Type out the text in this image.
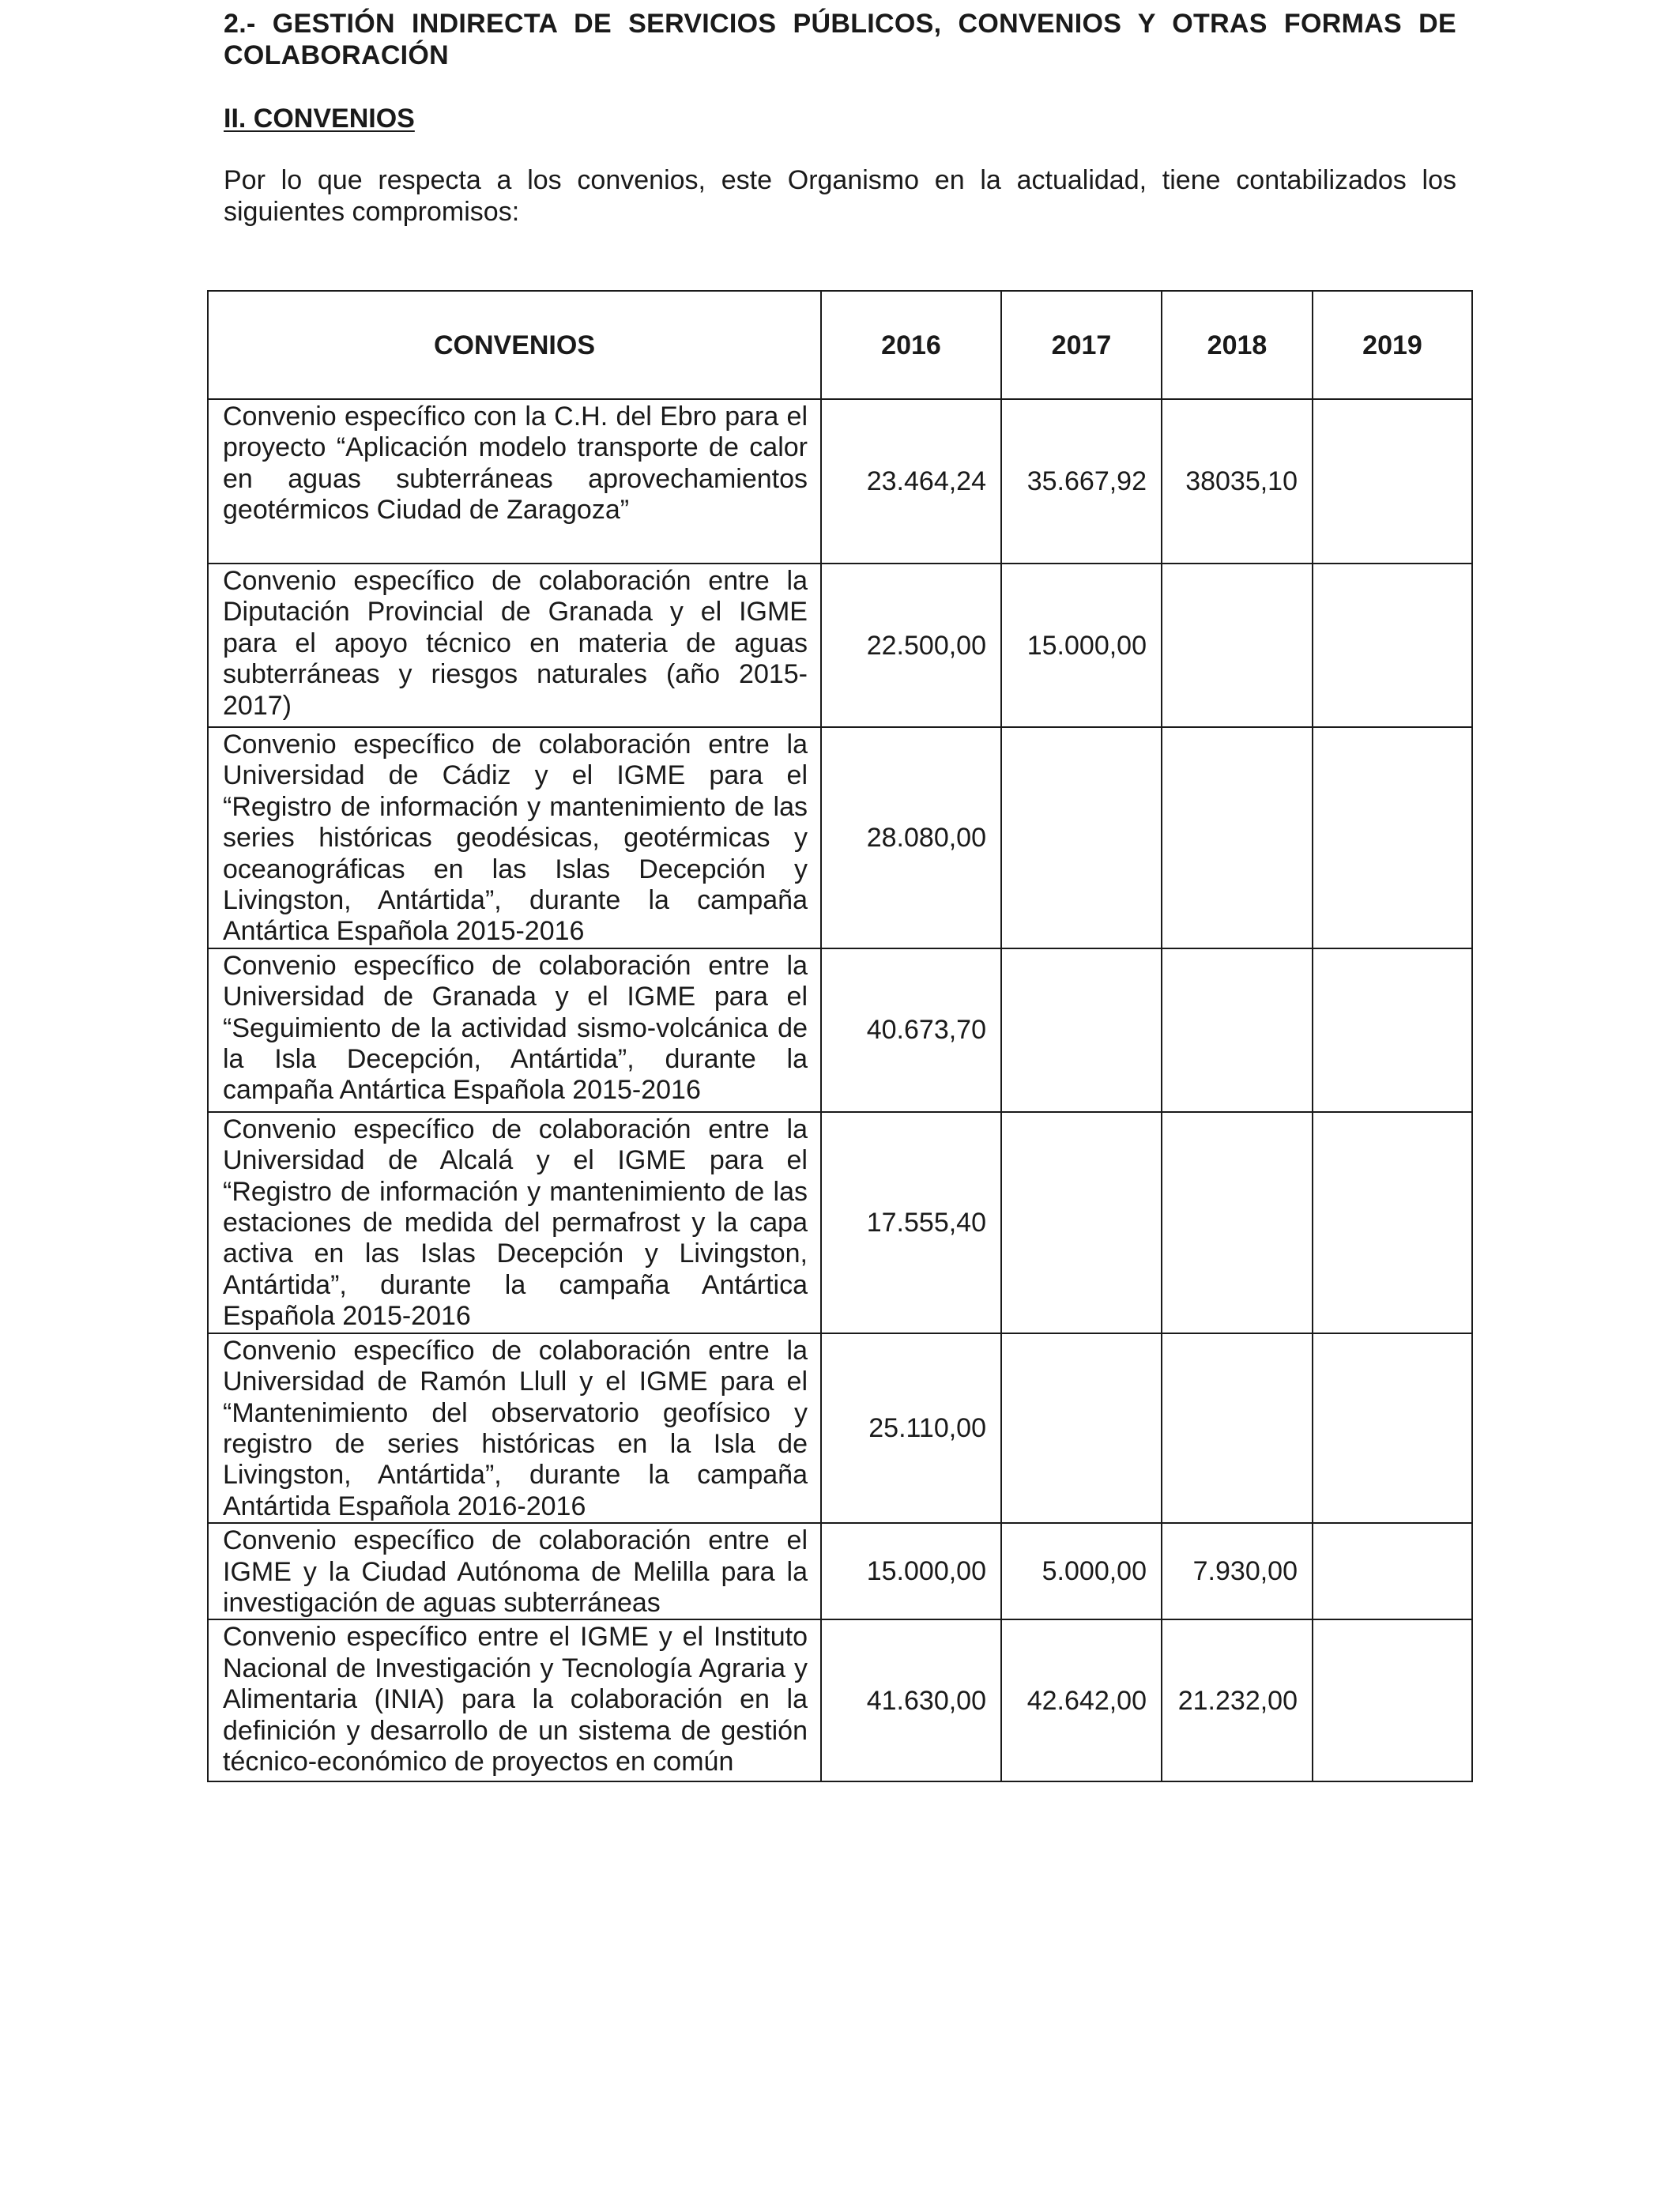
2.- GESTIÓN INDIRECTA DE SERVICIOS PÚBLICOS, CONVENIOS Y OTRAS FORMAS DE COLABORACIÓN
II. CONVENIOS
Por lo que respecta a los convenios, este Organismo en la actualidad, tiene contabilizados los siguientes compromisos:
CONVENIOS	2016	2017	2018	2019

Convenio específico con la C.H. del Ebro para el proyecto “Aplicación modelo transporte de calor en aguas subterráneas aprovechamientos geotérmicos Ciudad de Zaragoza”	23.464,24	35.667,92	38035,10	

Convenio específico de colaboración entre la Diputación Provincial de Granada y el IGME para el apoyo técnico en materia de aguas subterráneas y riesgos naturales (año 2015-2017)	22.500,00	15.000,00		

Convenio específico de colaboración entre la Universidad de Cádiz y el IGME para el “Registro de información y mantenimiento de las series históricas geodésicas, geotérmicas y oceanográficas en las Islas Decepción y Livingston, Antártida”, durante la campaña Antártica Española 2015-2016	28.080,00			

Convenio específico de colaboración entre la Universidad de Granada y el IGME para el “Seguimiento de la actividad sismo-volcánica de la Isla Decepción, Antártida”, durante la campaña Antártica Española 2015-2016	40.673,70			

Convenio específico de colaboración entre la Universidad de Alcalá y el IGME para el “Registro de información y mantenimiento de las estaciones de medida del permafrost y la capa activa en las Islas Decepción y Livingston, Antártida”, durante la campaña Antártica Española 2015-2016	17.555,40			

Convenio específico de colaboración entre la Universidad de Ramón Llull y el IGME para el “Mantenimiento del observatorio geofísico y registro de series históricas en la Isla de Livingston, Antártida”, durante la campaña Antártida Española 2016-2016	25.110,00			

Convenio específico de colaboración entre el IGME y la Ciudad Autónoma de Melilla para la investigación de aguas subterráneas	15.000,00	5.000,00	7.930,00	

Convenio específico entre el IGME y el Instituto Nacional de Investigación y Tecnología Agraria y Alimentaria (INIA) para la colaboración en la definición y desarrollo de un sistema de gestión técnico-económico de proyectos en común	41.630,00	42.642,00	21.232,00	
